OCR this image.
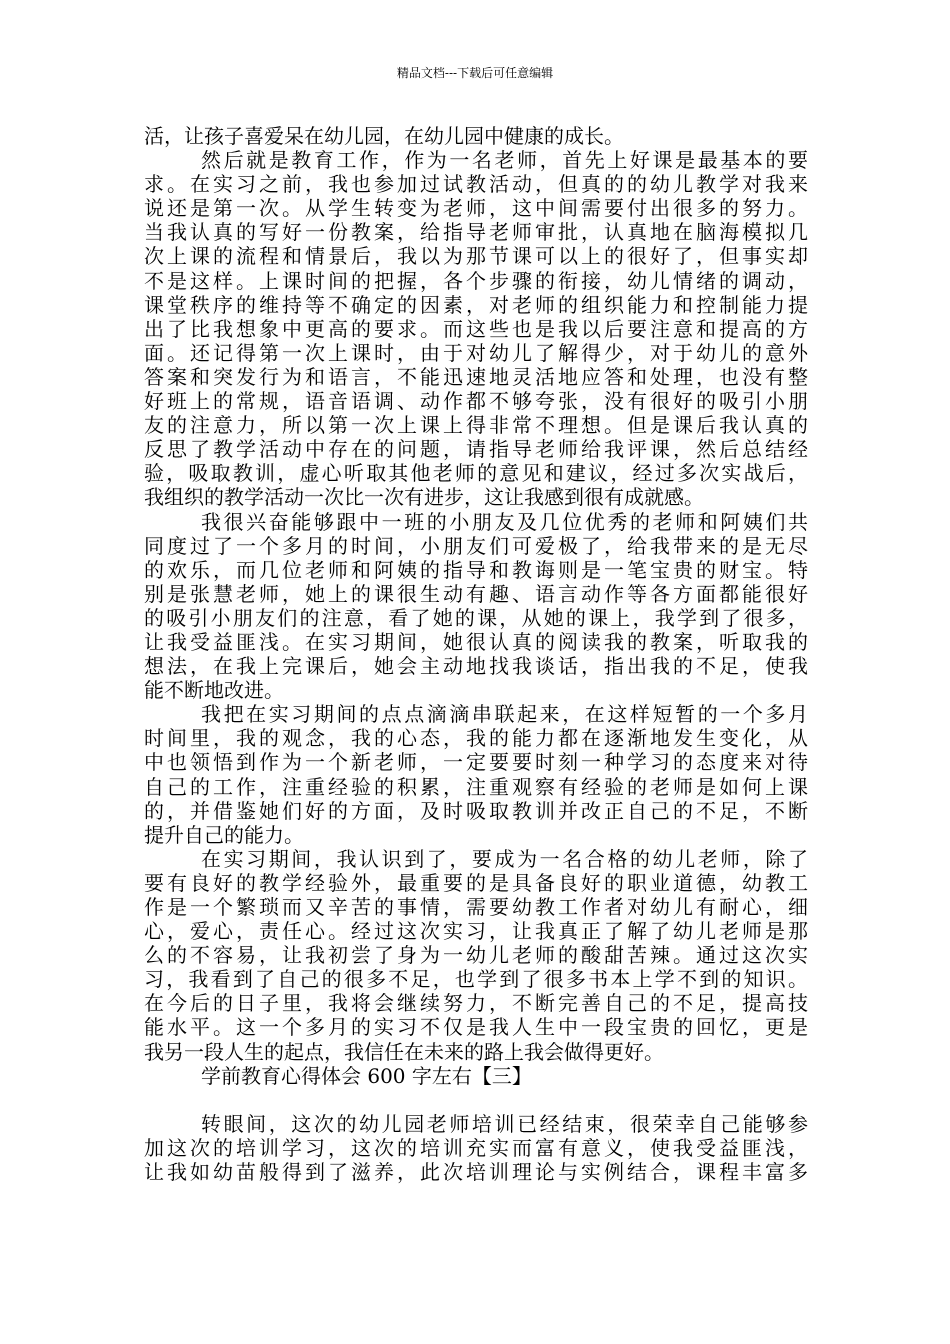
精品文档---下载后可任意编辑
活，让孩子喜爱呆在幼儿园，在幼儿园中健康的成长。
然后就是教育工作，作为一名老师，首先上好课是最基本的要
求。在实习之前，我也参加过试教活动，但真的的幼儿教学对我来
说还是第一次。从学生转变为老师，这中间需要付出很多的努力。
当我认真的写好一份教案，给指导老师审批，认真地在脑海模拟几
次上课的流程和情景后，我以为那节课可以上的很好了，但事实却
不是这样。上课时间的把握，各个步骤的衔接，幼儿情绪的调动，
课堂秩序的维持等不确定的因素，对老师的组织能力和控制能力提
出了比我想象中更高的要求。而这些也是我以后要注意和提高的方
面。还记得第一次上课时，由于对幼儿了解得少，对于幼儿的意外
答案和突发行为和语言，不能迅速地灵活地应答和处理，也没有整
好班上的常规，语音语调、动作都不够夸张，没有很好的吸引小朋
友的注意力，所以第一次上课上得非常不理想。但是课后我认真的
反思了教学活动中存在的问题，请指导老师给我评课，然后总结经
验，吸取教训，虚心听取其他老师的意见和建议，经过多次实战后，
我组织的教学活动一次比一次有进步，这让我感到很有成就感。
我很兴奋能够跟中一班的小朋友及几位优秀的老师和阿姨们共
同度过了一个多月的时间，小朋友们可爱极了，给我带来的是无尽
的欢乐，而几位老师和阿姨的指导和教诲则是一笔宝贵的财宝。特
别是张慧老师，她上的课很生动有趣、语言动作等各方面都能很好
的吸引小朋友们的注意，看了她的课，从她的课上，我学到了很多，
让我受益匪浅。在实习期间，她很认真的阅读我的教案，听取我的
想法，在我上完课后，她会主动地找我谈话，指出我的不足，使我
能不断地改进。
我把在实习期间的点点滴滴串联起来，在这样短暂的一个多月
时间里，我的观念，我的心态，我的能力都在逐渐地发生变化，从
中也领悟到作为一个新老师，一定要要时刻一种学习的态度来对待
自己的工作，注重经验的积累，注重观察有经验的老师是如何上课
的，并借鉴她们好的方面，及时吸取教训并改正自己的不足，不断
提升自己的能力。
在实习期间，我认识到了，要成为一名合格的幼儿老师，除了
要有良好的教学经验外，最重要的是具备良好的职业道德，幼教工
作是一个繁琐而又辛苦的事情，需要幼教工作者对幼儿有耐心，细
心，爱心，责任心。经过这次实习，让我真正了解了幼儿老师是那
么的不容易，让我初尝了身为一幼儿老师的酸甜苦辣。通过这次实
习，我看到了自己的很多不足，也学到了很多书本上学不到的知识。
在今后的日子里，我将会继续努力，不断完善自己的不足，提高技
能水平。这一个多月的实习不仅是我人生中一段宝贵的回忆，更是
我另一段人生的起点，我信任在未来的路上我会做得更好。
学前教育心得体会 600 字左右【三】
转眼间，这次的幼儿园老师培训已经结束，很荣幸自己能够参
加这次的培训学习，这次的培训充实而富有意义，使我受益匪浅，
让我如幼苗般得到了滋养，此次培训理论与实例结合，课程丰富多
